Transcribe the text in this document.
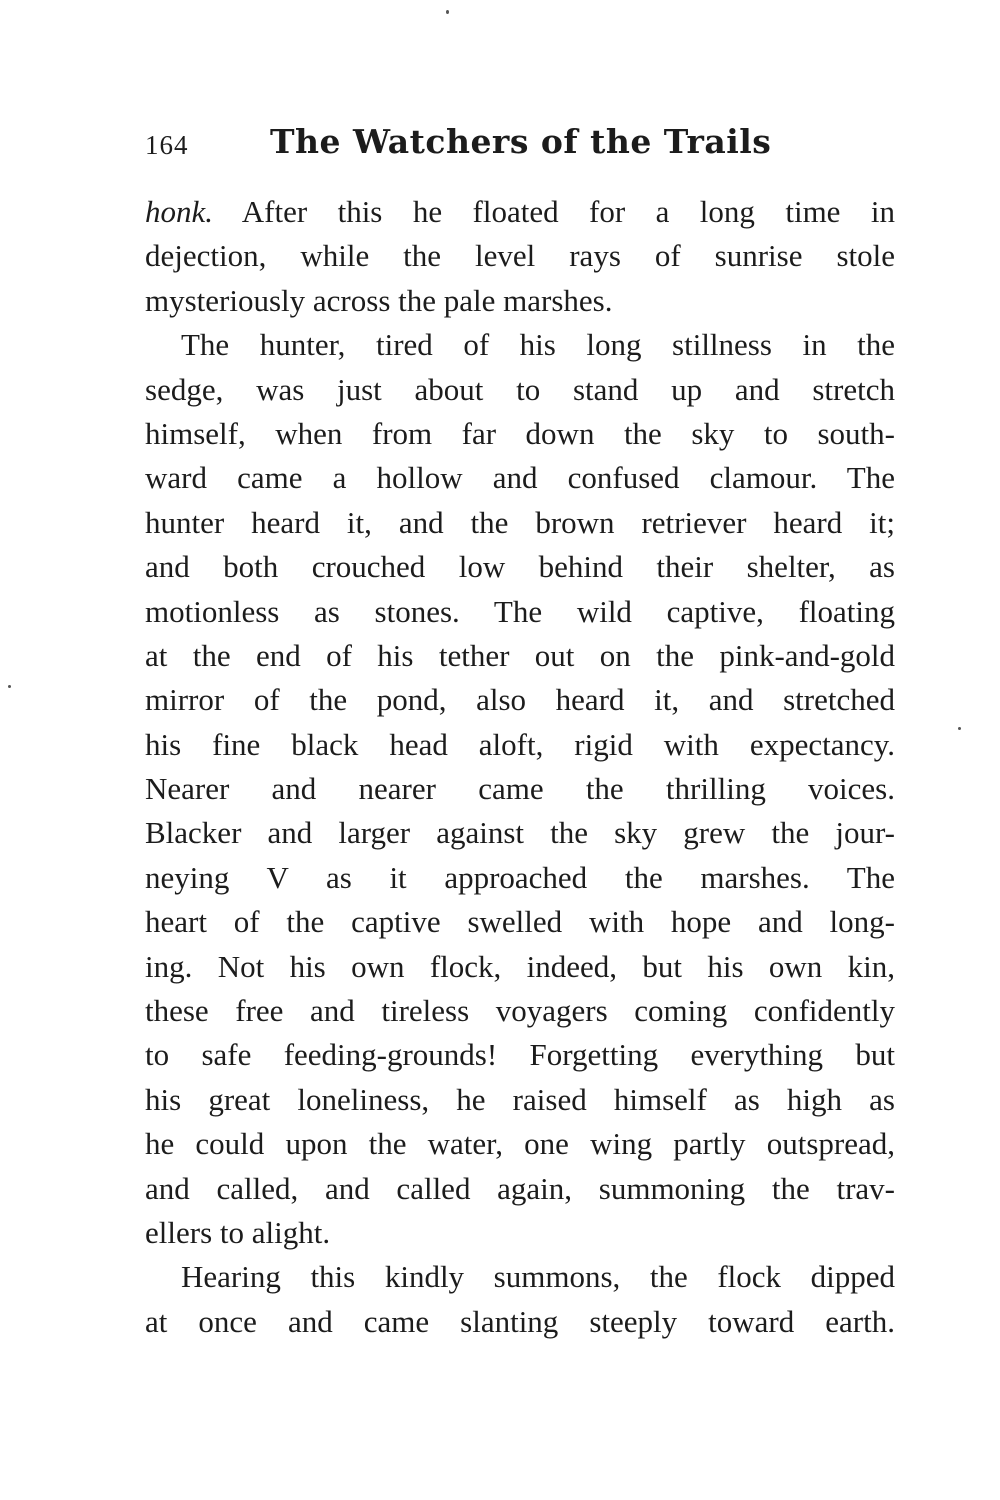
164 The Watchers of the Trails
honk. After this he floated for a long time in
dejection, while the level rays of sunrise stole
mysteriously across the pale marshes.
The hunter, tired of his long stillness in the
sedge, was just about to stand up and stretch
himself, when from far down the sky to south-
ward came a hollow and confused clamour. The
hunter heard it, and the brown retriever heard it;
and both crouched low behind their shelter, as
motionless as stones. The wild captive, floating
at the end of his tether out on the pink-and-gold
mirror of the pond, also heard it, and stretched
his fine black head aloft, rigid with expectancy.
Nearer and nearer came the thrilling voices.
Blacker and larger against the sky grew the jour-
neying V as it approached the marshes. The
heart of the captive swelled with hope and long-
ing. Not his own flock, indeed, but his own kin,
these free and tireless voyagers coming confidently
to safe feeding-grounds! Forgetting everything but
his great loneliness, he raised himself as high as
he could upon the water, one wing partly outspread,
and called, and called again, summoning the trav-
ellers to alight.
Hearing this kindly summons, the flock dipped
at once and came slanting steeply toward earth.
